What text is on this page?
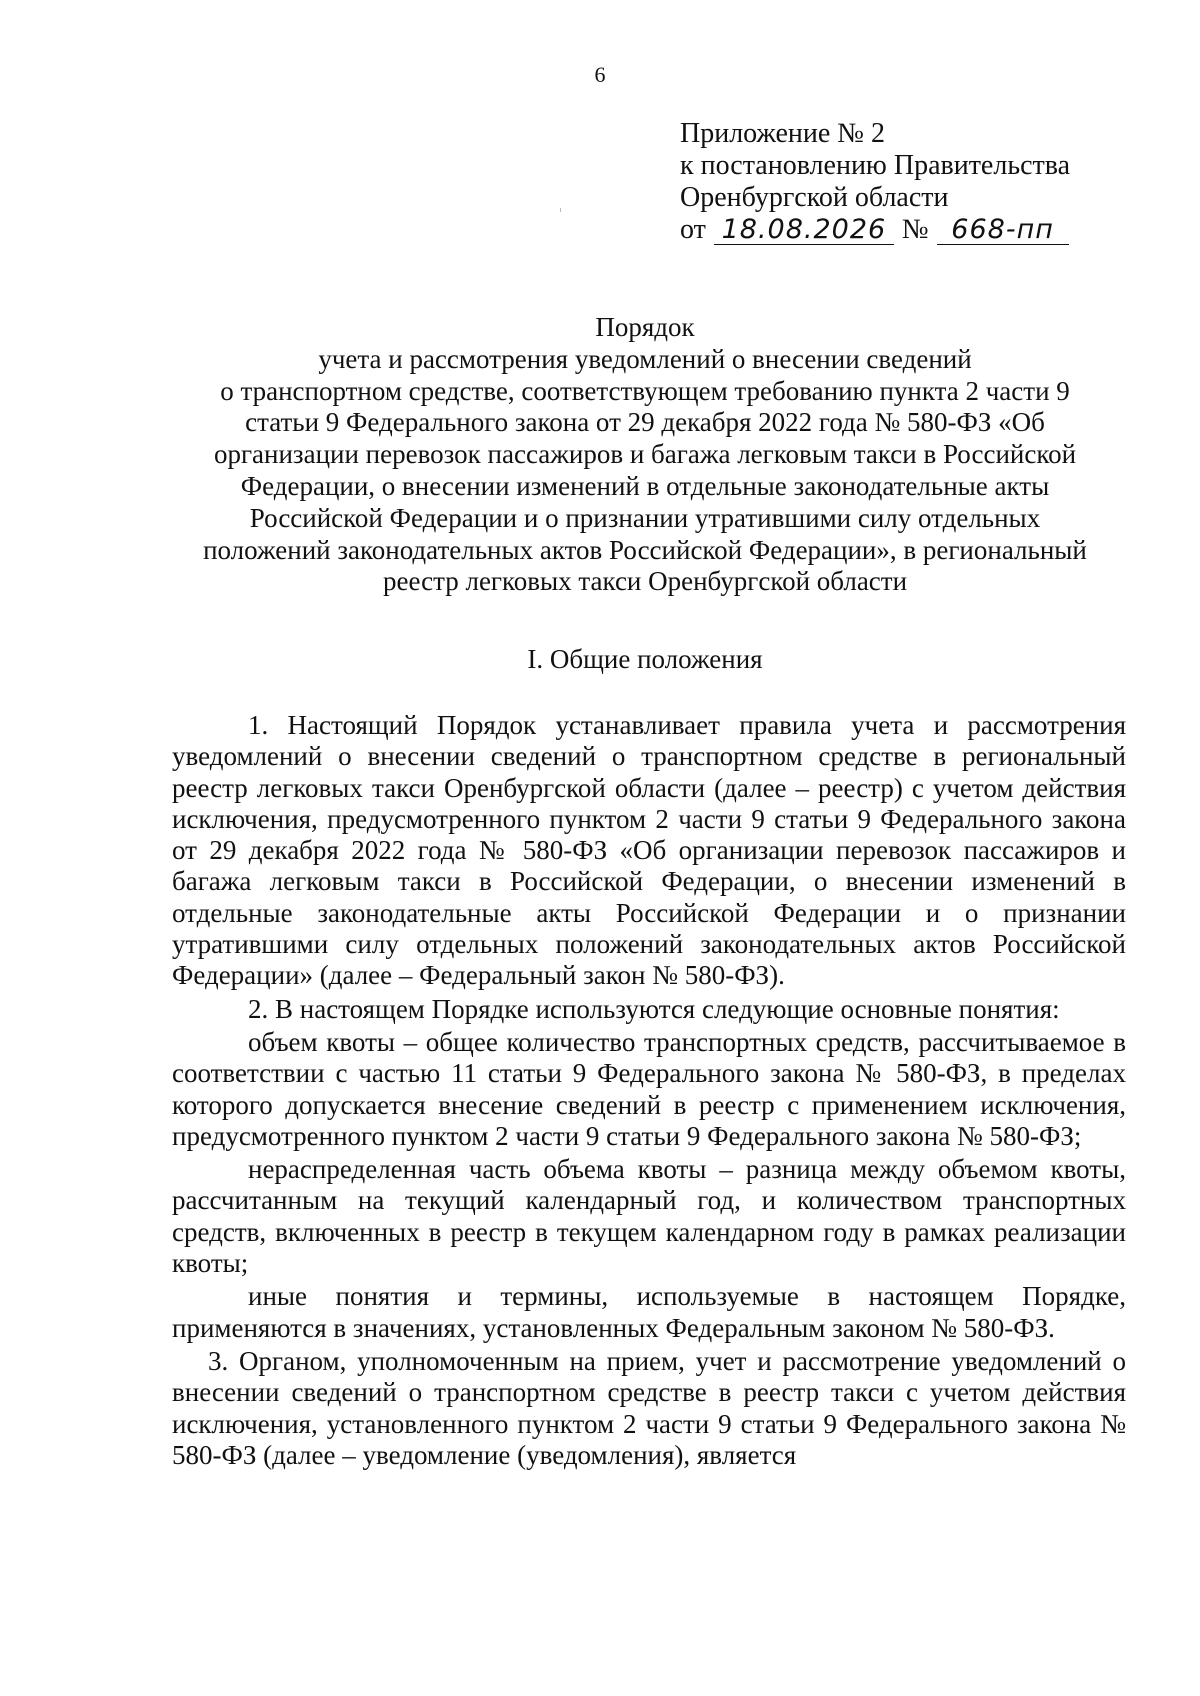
6
Приложение № 2
к постановлению Правительства
Оренбургской области
от 18.08.2026 № 668-пп
Порядок
учета и рассмотрения уведомлений о внесении сведений
о транспортном средстве, соответствующем требованию пункта 2 части 9
статьи 9 Федерального закона от 29 декабря 2022 года № 580-ФЗ «Об
организации перевозок пассажиров и багажа легковым такси в Российской
Федерации, о внесении изменений в отдельные законодательные акты
Российской Федерации и о признании утратившими силу отдельных
положений законодательных актов Российской Федерации», в региональный
реестр легковых такси Оренбургской области
I. Общие положения

1. Настоящий Порядок устанавливает правила учета и рассмотрения уведомлений о внесении сведений о транспортном средстве в региональный реестр легковых такси Оренбургской области (далее – реестр) с учетом действия исключения, предусмотренного пунктом 2 части 9 статьи 9 Федерального закона от 29 декабря 2022 года № 580-ФЗ «Об организации перевозок пассажиров и багажа легковым такси в Российской Федерации, о внесении изменений в отдельные законодательные акты Российской Федерации и о признании утратившими силу отдельных положений законодательных актов Российской Федерации» (далее – Федеральный закон № 580-ФЗ).

2. В настоящем Порядке используются следующие основные понятия:

объем квоты – общее количество транспортных средств, рассчитываемое в соответствии с частью 11 статьи 9 Федерального закона № 580-ФЗ, в пределах которого допускается внесение сведений в реестр с применением исключения, предусмотренного пунктом 2 части 9 статьи 9 Федерального закона № 580-ФЗ;

нераспределенная часть объема квоты – разница между объемом квоты, рассчитанным на текущий календарный год, и количеством транспортных средств, включенных в реестр в текущем календарном году в рамках реализации квоты;

иные понятия и термины, используемые в настоящем Порядке, применяются в значениях, установленных Федеральным законом № 580-ФЗ.

3. Органом, уполномоченным на прием, учет и рассмотрение уведомлений о внесении сведений о транспортном средстве в реестр такси с учетом действия исключения, установленного пунктом 2 части 9 статьи 9 Федерального закона № 580-ФЗ (далее – уведомление (уведомления), является
